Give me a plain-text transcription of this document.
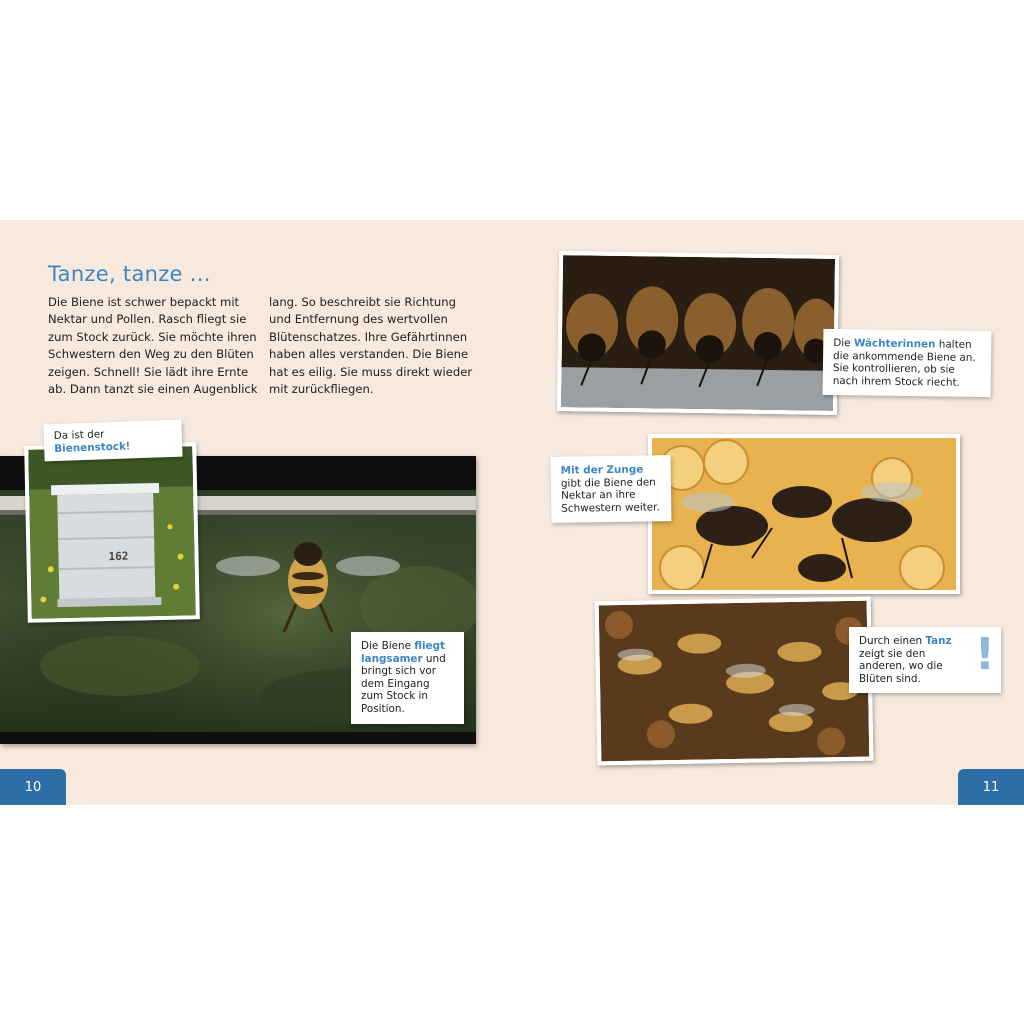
Tanze, tanze ...

Die Biene ist schwer bepackt mit Nektar und Pollen. Rasch fliegt sie zum Stock zurück. Sie möchte ihren Schwestern den Weg zu den Blüten zeigen. Schnell! Sie lädt ihre Ernte ab. Dann tanzt sie einen Augenblick

lang. So beschreibt sie Richtung und Entfernung des wertvollen Blütenschatzes. Ihre Gefährtinnen haben alles verstanden. Die Biene hat es eilig. Sie muss direkt wieder mit zurückfliegen.

162
Da ist der Bienenstock!
Die Biene fliegt langsamer und bringt sich vor dem Eingang zum Stock in Position.
Die Wächterinnen halten die ankommende Biene an. Sie kontrollieren, ob sie nach ihrem Stock riecht.
Mit der Zunge gibt die Biene den Nektar an ihre Schwestern weiter.
Durch einen Tanz zeigt sie den anderen, wo die Blüten sind. !
10	11
